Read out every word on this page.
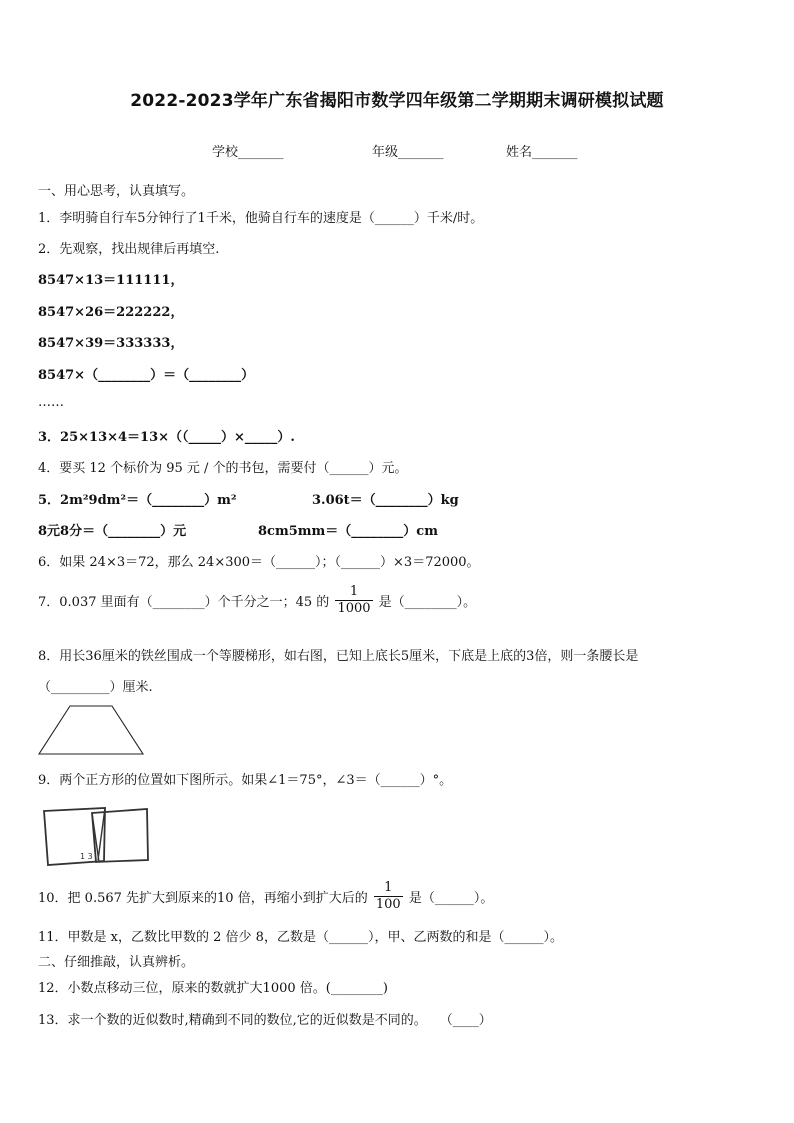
2022-2023学年广东省揭阳市数学四年级第二学期期末调研模拟试题
学校_______	年级_______	姓名_______
一、用心思考，认真填写。
1．李明骑自行车5分钟行了1千米，他骑自行车的速度是（______）千米/时。
2．先观察，找出规律后再填空.
8547×13＝111111，
8547×26＝222222，
8547×39＝333333，
8547×（________）＝（________）
……
3．25×13×4＝13×（（_____）×_____）.
4．要买 12 个标价为 95 元 / 个的书包，需要付（______）元。
5．2m²9dm²＝（________）m²	3.06t＝（________）kg
8元8分＝（________）元	8cm5mm＝（________）cm
6．如果 24×3＝72，那么 24×300＝（______）；（______）×3＝72000。
7．0.037 里面有（________）个千分之一；45 的 $\frac{1}{1000}$ 是（________）。
8．用长36厘米的铁丝围成一个等腰梯形，如右图，已知上底长5厘米，下底是上底的3倍，则一条腰长是
（_________）厘米.
9．两个正方形的位置如下图所示。如果∠1＝75°，∠3＝（______）°。
1 3
10．把 0.567 先扩大到原来的10 倍，再缩小到扩大后的 $\frac{1}{100}$ 是（______）。
11．甲数是 x，乙数比甲数的 2 倍少 8，乙数是（______），甲、乙两数的和是（______）。
二、仔细推敲，认真辨析。
12．小数点移动三位，原来的数就扩大1000 倍。(________)
13．求一个数的近似数时,精确到不同的数位,它的近似数是不同的。　　（____）
